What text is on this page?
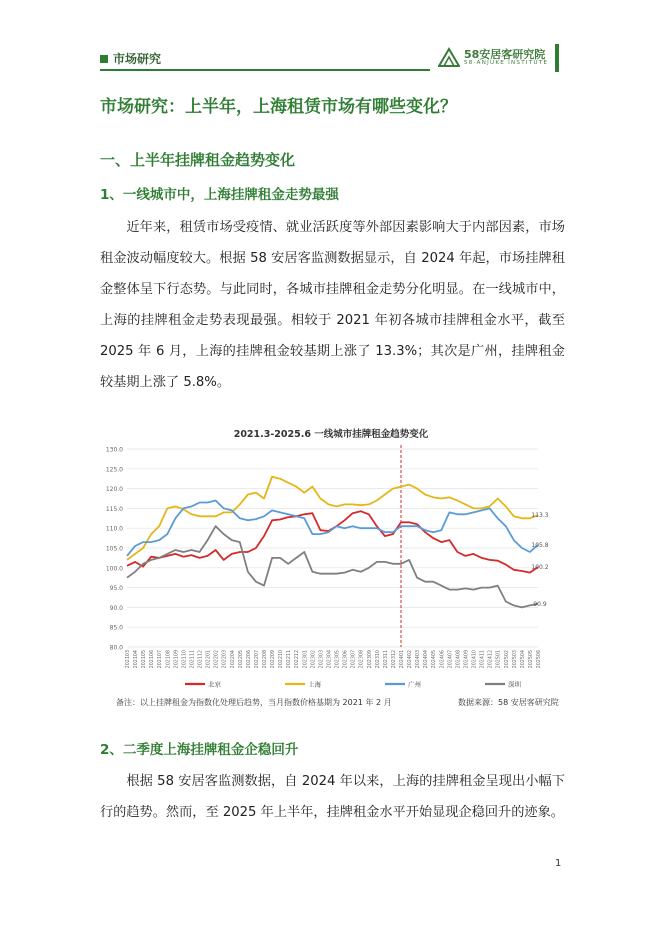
市场研究	58安居客研究院
58·ANJUKE INSTITUTE
市场研究：上半年，上海租赁市场有哪些变化？
一、上半年挂牌租金趋势变化
1、一线城市中，上海挂牌租金走势最强

近年来，租赁市场受疫情、就业活跃度等外部因素影响大于内部因素，市场租金波动幅度较大。根据 58 安居客监测数据显示，自 2024 年起，市场挂牌租金整体呈下行态势。与此同时，各城市挂牌租金走势分化明显。在一线城市中，上海的挂牌租金走势表现最强。相较于 2021 年初各城市挂牌租金水平，截至 2025 年 6 月，上海的挂牌租金较基期上涨了 13.3%；其次是广州，挂牌租金较基期上涨了 5.8%。

2021.3-2025.6 一线城市挂牌租金趋势变化
80.0
85.0
90.0
95.0
100.0
105.0
110.0
115.0
120.0
125.0
130.0
202103 202104 202105 202106 202107 202108 202109 202110 202111 202112 202201 202202 202203 202204 202205 202206 202207 202208 202209 202210 202211 202212 202301 202302 202303 202304 202305 202306 202307 202308 202309 202310 202311 202312 202401 202402 202403 202404 202405 202406 202407 202408 202409 202410 202411 202412 202501 202502 202503 202504 202505 202506
100.2
113.3
105.8
90.9
北京	上海	广州	深圳
备注：以上挂牌租金为指数化处理后趋势，当月指数价格基期为 2021 年 2 月	数据来源：58 安居客研究院
2、二季度上海挂牌租金企稳回升

根据 58 安居客监测数据，自 2024 年以来，上海的挂牌租金呈现出小幅下行的趋势。然而，至 2025 年上半年，挂牌租金水平开始显现企稳回升的迹象。

1
